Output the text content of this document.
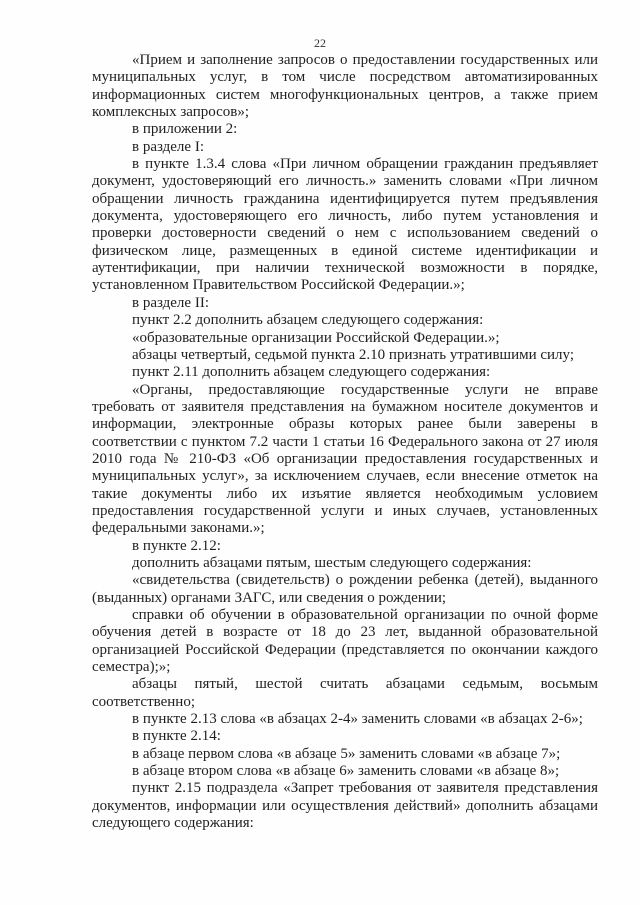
22

«Прием и заполнение запросов о предоставлении государственных или муниципальных услуг, в том числе посредством автоматизированных информационных систем многофункциональных центров, а также прием комплексных запросов»;

в приложении 2:

в разделе I:

в пункте 1.3.4 слова «При личном обращении гражданин предъявляет документ, удостоверяющий его личность.» заменить словами «При личном обращении личность гражданина идентифицируется путем предъявления документа, удостоверяющего его личность, либо путем установления и проверки достоверности сведений о нем с использованием сведений о физическом лице, размещенных в единой системе идентификации и аутентификации, при наличии технической возможности в порядке, установленном Правительством Российской Федерации.»;

в разделе II:

пункт 2.2 дополнить абзацем следующего содержания:

«образовательные организации Российской Федерации.»;

абзацы четвертый, седьмой пункта 2.10 признать утратившими силу;

пункт 2.11 дополнить абзацем следующего содержания:

«Органы, предоставляющие государственные услуги не вправе требовать от заявителя представления на бумажном носителе документов и информации, электронные образы которых ранее были заверены в соответствии с пунктом 7.2 части 1 статьи 16 Федерального закона от 27 июля 2010 года № 210-ФЗ «Об организации предоставления государственных и муниципальных услуг», за исключением случаев, если внесение отметок на такие документы либо их изъятие является необходимым условием предоставления государственной услуги и иных случаев, установленных федеральными законами.»;

в пункте 2.12:

дополнить абзацами пятым, шестым следующего содержания:

«свидетельства (свидетельств) о рождении ребенка (детей), выданного (выданных) органами ЗАГС, или сведения о рождении;

справки об обучении в образовательной организации по очной форме обучения детей в возрасте от 18 до 23 лет, выданной образовательной организацией Российской Федерации (представляется по окончании каждого семестра);»;

абзацы пятый, шестой считать абзацами седьмым, восьмым соответственно;

в пункте 2.13 слова «в абзацах 2-4» заменить словами «в абзацах 2-6»;

в пункте 2.14:

в абзаце первом слова «в абзаце 5» заменить словами «в абзаце 7»;

в абзаце втором слова «в абзаце 6» заменить словами «в абзаце 8»;

пункт 2.15 подраздела «Запрет требования от заявителя представления документов, информации или осуществления действий» дополнить абзацами следующего содержания:
